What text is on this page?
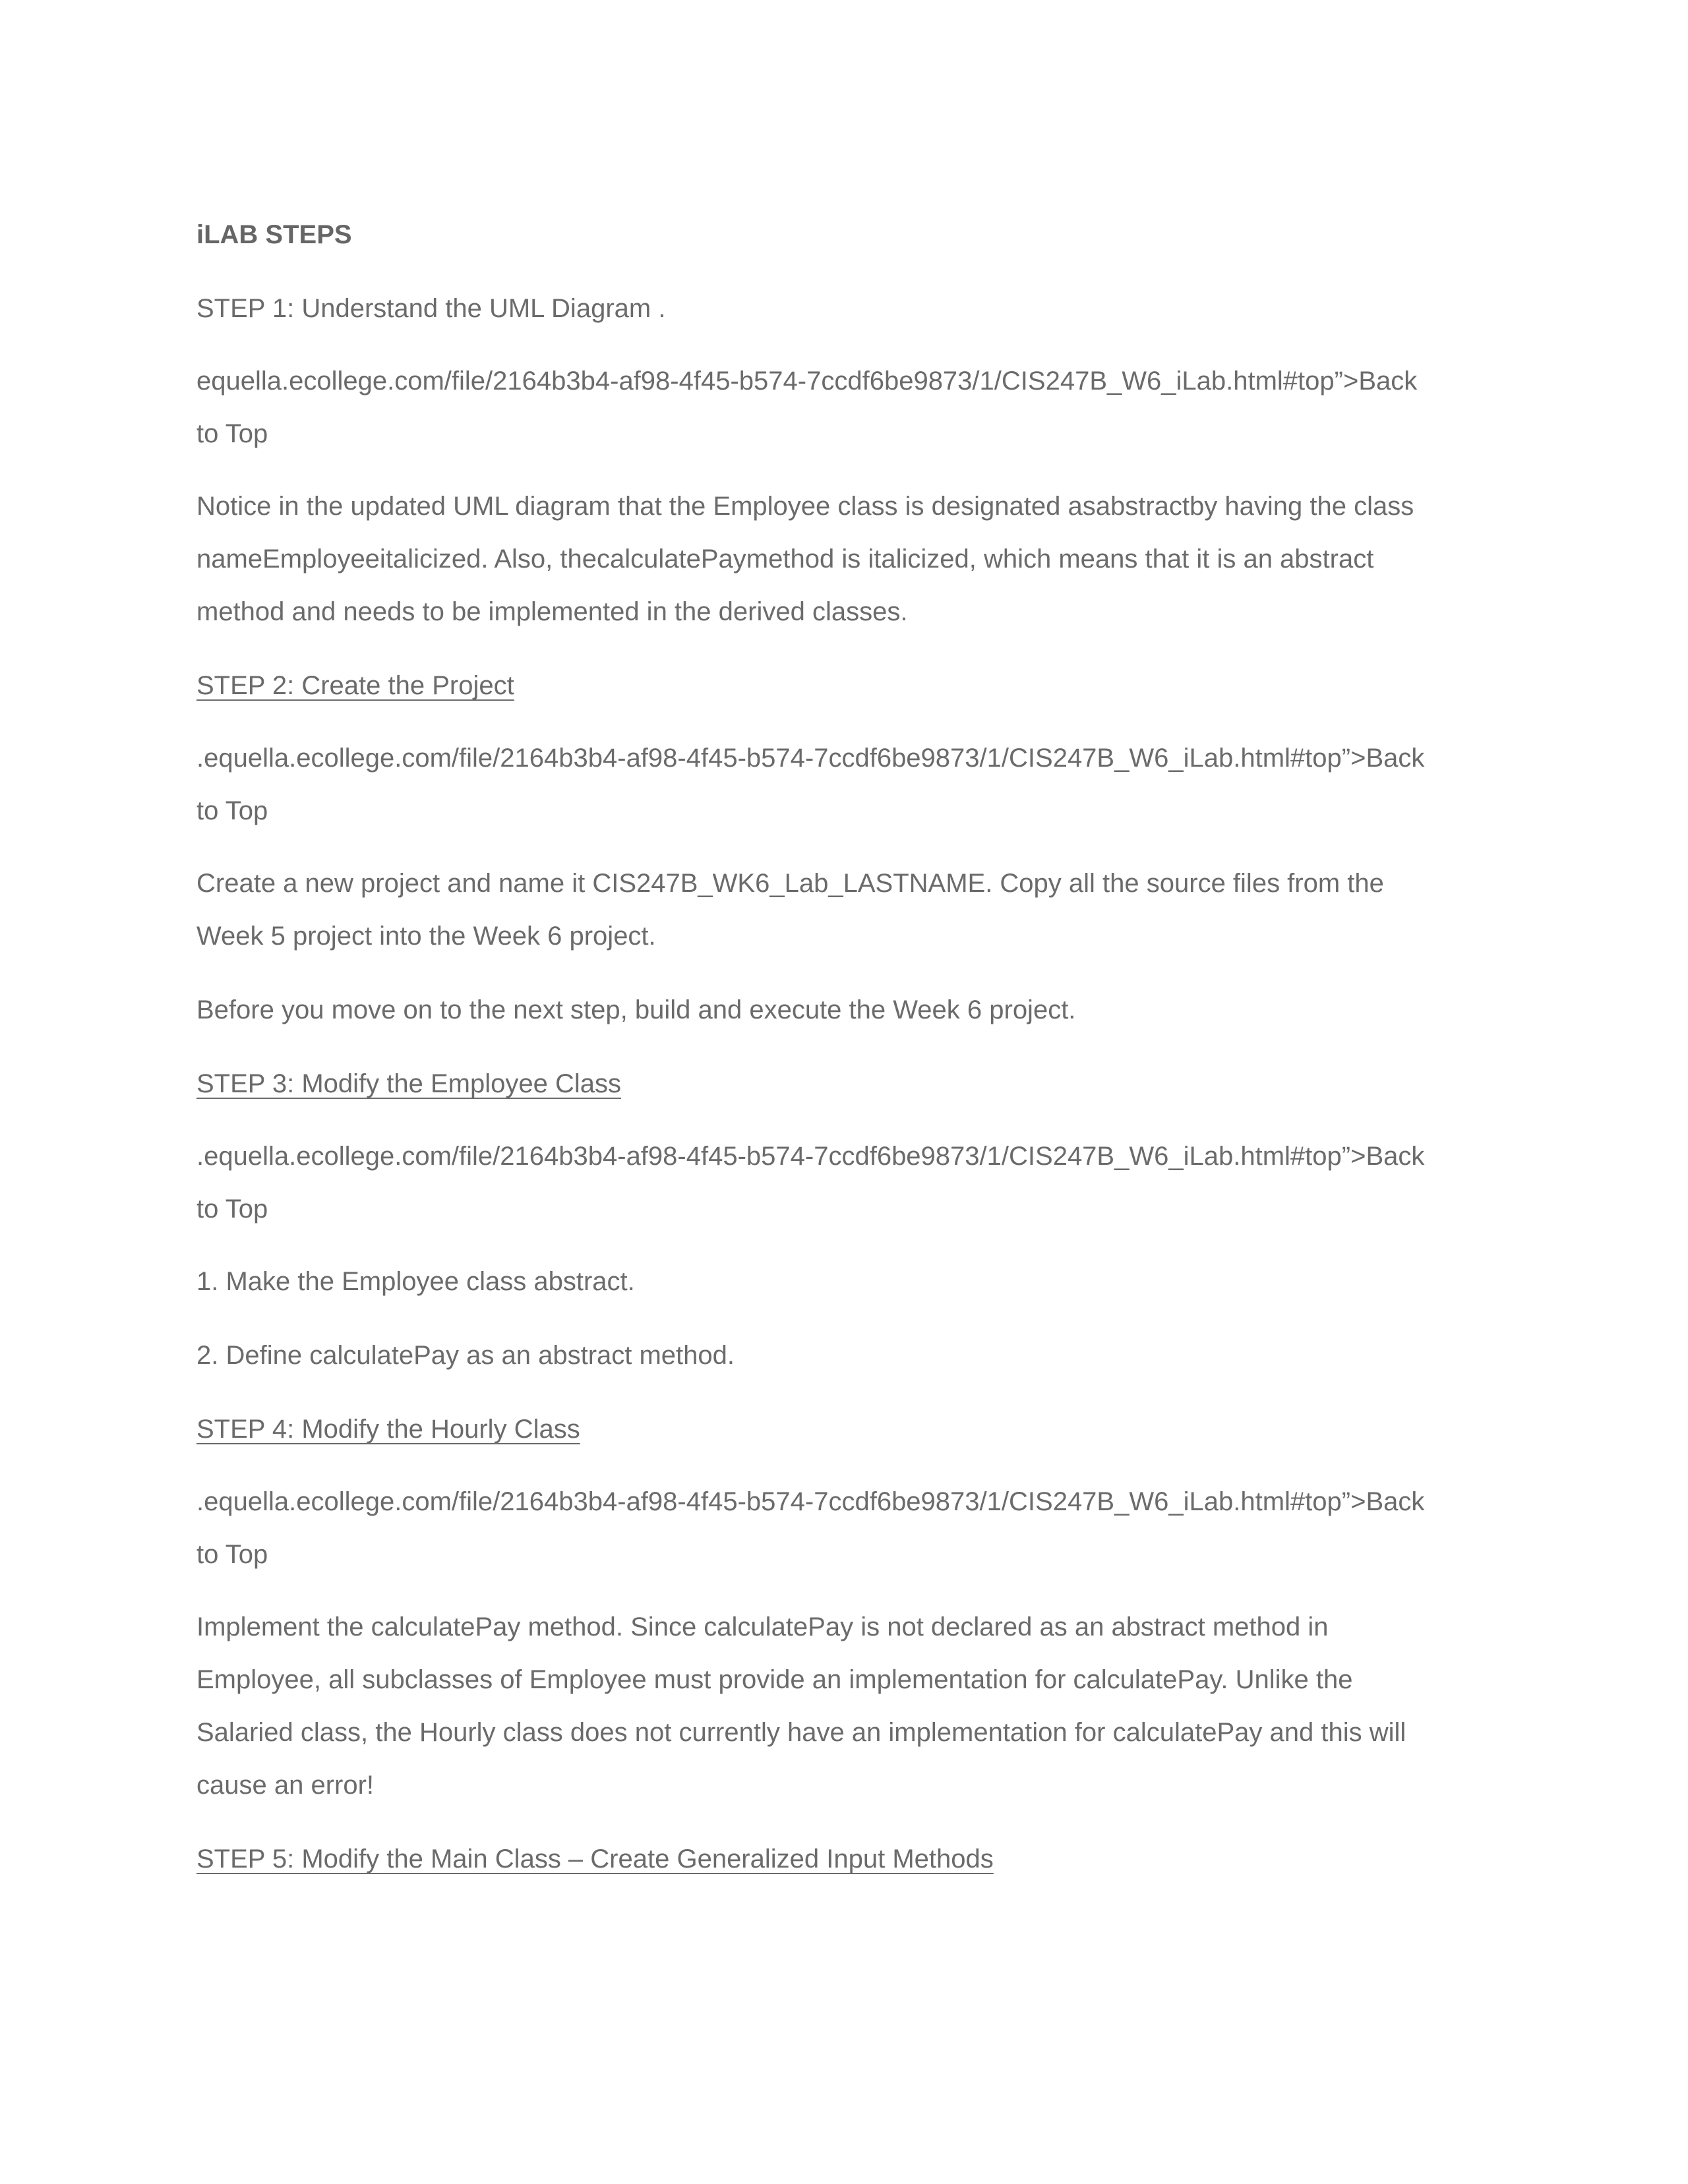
iLAB STEPS
STEP 1: Understand the UML Diagram .
equella.ecollege.com/file/2164b3b4-af98-4f45-b574-7ccdf6be9873/1/CIS247B_W6_iLab.html#top”>Back
to Top
Notice in the updated UML diagram that the Employee class is designated asabstractby having the class
nameEmployeeitalicized. Also, thecalculatePaymethod is italicized, which means that it is an abstract
method and needs to be implemented in the derived classes.
STEP 2: Create the Project
.equella.ecollege.com/file/2164b3b4-af98-4f45-b574-7ccdf6be9873/1/CIS247B_W6_iLab.html#top”>Back
to Top
Create a new project and name it CIS247B_WK6_Lab_LASTNAME. Copy all the source files from the
Week 5 project into the Week 6 project.
Before you move on to the next step, build and execute the Week 6 project.
STEP 3: Modify the Employee Class
.equella.ecollege.com/file/2164b3b4-af98-4f45-b574-7ccdf6be9873/1/CIS247B_W6_iLab.html#top”>Back
to Top
1. Make the Employee class abstract.
2. Define calculatePay as an abstract method.
STEP 4: Modify the Hourly Class
.equella.ecollege.com/file/2164b3b4-af98-4f45-b574-7ccdf6be9873/1/CIS247B_W6_iLab.html#top”>Back
to Top
Implement the calculatePay method. Since calculatePay is not declared as an abstract method in
Employee, all subclasses of Employee must provide an implementation for calculatePay. Unlike the
Salaried class, the Hourly class does not currently have an implementation for calculatePay and this will
cause an error!
STEP 5: Modify the Main Class – Create Generalized Input Methods
